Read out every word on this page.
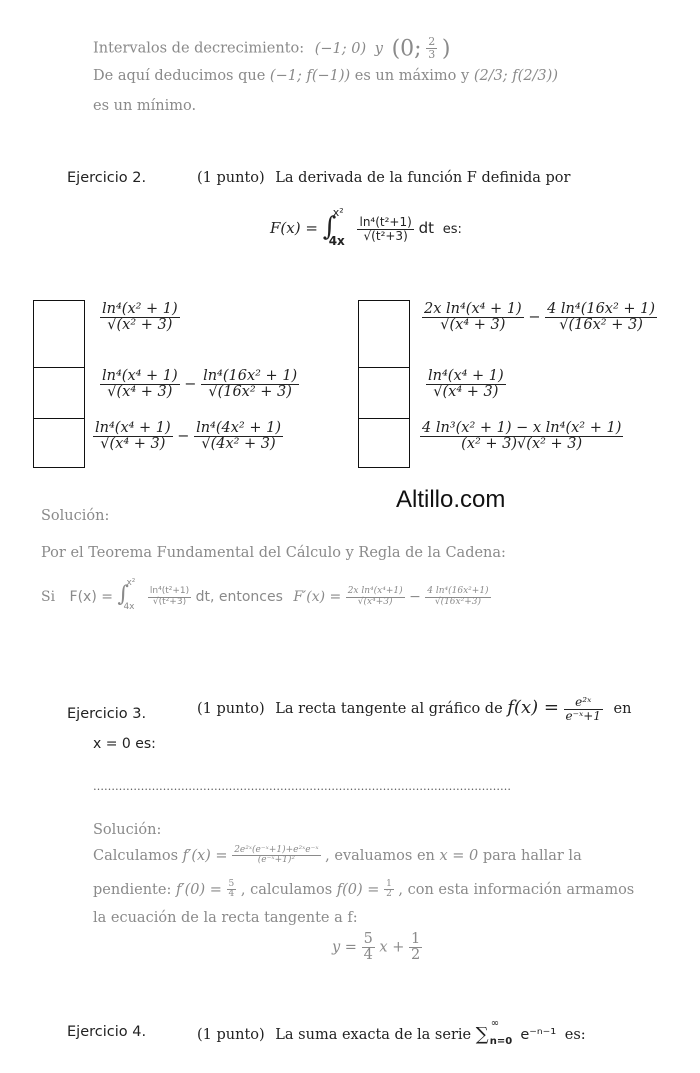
Intervalos de decrecimiento: (−1; 0) y (0; $\frac{2}{3}$ )
De aquí deducimos que (−1; f(−1)) es un máximo y (2/3; f(2/3))
es un mínimo.
Ejercicio 2.	(1 punto) La derivada de la función F definida por
F(x) = ∫
x²
4x
$\frac{\text{ln⁴(t²+1)}}{\text{√(t²+3)}}$ dt es:
$\frac{\text{ln⁴(x² + 1)}}{\text{√(x² + 3)}}$
$\frac{\text{ln⁴(x⁴ + 1)}}{\text{√(x⁴ + 3)}} - \frac{\text{ln⁴(16x² + 1)}}{\text{√(16x² + 3)}}$
$\frac{\text{ln⁴(x⁴ + 1)}}{\text{√(x⁴ + 3)}} - \frac{\text{ln⁴(4x² + 1)}}{\text{√(4x² + 3)}}$
$\frac{\text{2x ln⁴(x⁴ + 1)}}{\text{√(x⁴ + 3)}} - \frac{\text{4 ln⁴(16x² + 1)}}{\text{√(16x² + 3)}}$
$\frac{\text{ln⁴(x⁴ + 1)}}{\text{√(x⁴ + 3)}}$
$\frac{\text{4 ln³(x² + 1) − x ln⁴(x² + 1)}}{\text{(x² + 3)√(x² + 3)}}$
Altillo.com
Solución:
Por el Teorema Fundamental del Cálculo y Regla de la Cadena:
Si F(x) = ∫
x²
4x

$\frac{\text{ln⁴(t²+1)}}{\text{√(t²+3)}}$ dt, entonces $F'(x) = \frac{\text{2x ln⁴(x⁴+1)}}{\text{√(x⁴+3)}} - \frac{\text{4 ln⁴(16x²+1)}}{\text{√(16x²+3)}}$
Ejercicio 3.	(1 punto) La recta tangente al gráfico de $f(x) = \frac{\text{e²ˣ}}{\text{e⁻ˣ+1}}$ en
x = 0 es:
……………………………………………………………………………………………………
Solución:
Calculamos $f'(x) = \frac{\text{2e²ˣ(e⁻ˣ+1)+e²ˣe⁻ˣ}}{\text{(e⁻ˣ+1)²}}$ , evaluamos en x = 0 para hallar la
pendiente: $f'(0) = \frac{5}{4}$ , calculamos $f(0) = \frac{1}{2}$ , con esta información armamos
la ecuación de la recta tangente a f:
$y = \frac{5}{4}$ $x + \frac{1}{2}$
Ejercicio 4.	(1 punto) La suma exacta de la serie ∑
∞
n=0 e⁻ⁿ⁻¹ es:
